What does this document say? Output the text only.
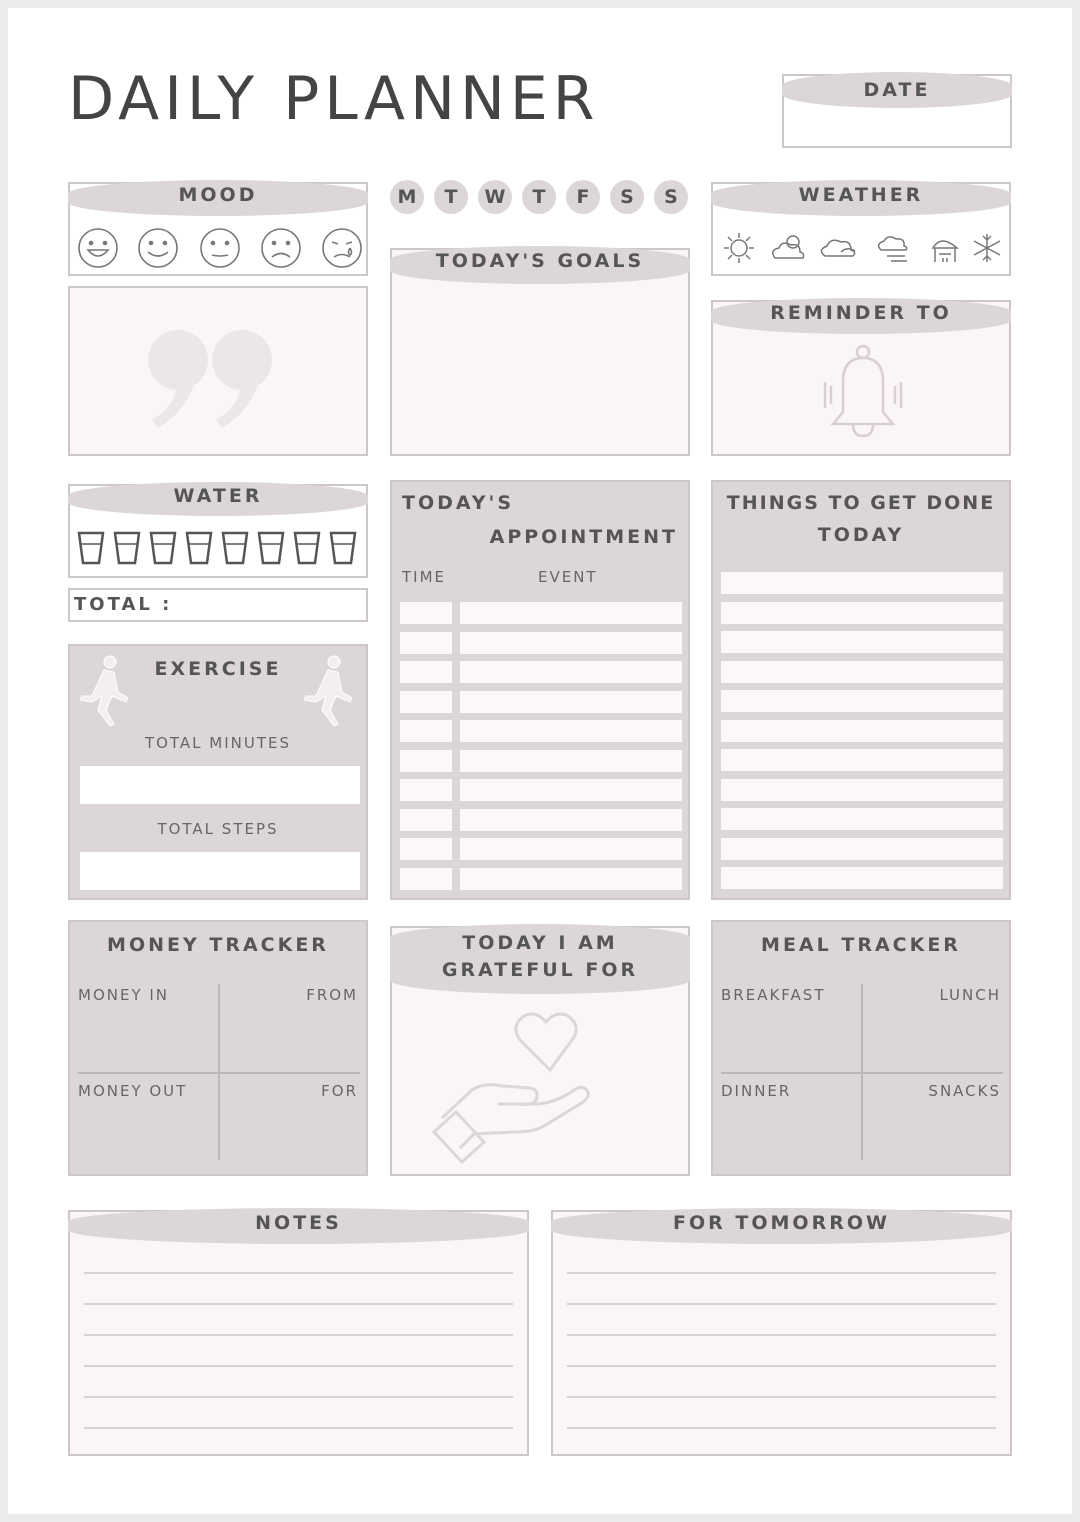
DAILY PLANNER	DATE
MOOD	M	T	W	T	F	S	S	WEATHER
TODAY'S GOALS
REMINDER TO
WATER
TOTAL :
EXERCISE
TOTAL MINUTES
TOTAL STEPS
TODAY'S
APPOINTMENT
TIME	EVENT
THINGS TO GET DONE
TODAY
MONEY TRACKER
MONEY IN	FROM
MONEY OUT	FOR
TODAY I AM
GRATEFUL FOR
MEAL TRACKER
BREAKFAST	LUNCH
DINNER	SNACKS
NOTES	FOR TOMORROW
